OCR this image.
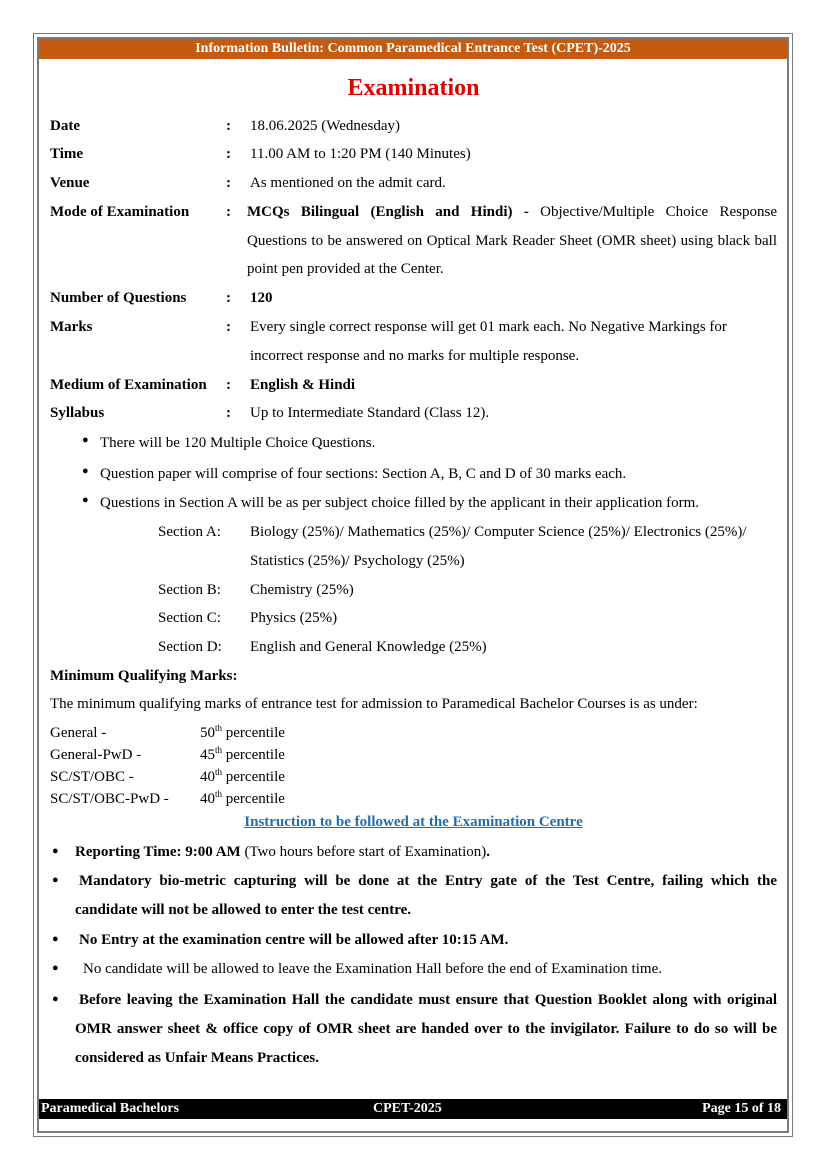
Information Bulletin: Common Paramedical Entrance Test (CPET)-2025
Examination
Date	: 18.06.2025 (Wednesday)
Time	: 11.00 AM to 1:20 PM (140 Minutes)
Venue	: As mentioned on the admit card.
Mode of Examination : MCQs Bilingual (English and Hindi) - Objective/Multiple Choice Response Questions to be answered on Optical Mark Reader Sheet (OMR sheet) using black ball point pen provided at the Center.
Number of Questions	: 120
Marks	: Every single correct response will get 01 mark each. No Negative Markings for incorrect response and no marks for multiple response.
Medium of Examination : English & Hindi
Syllabus	: Up to Intermediate Standard (Class 12).
● There will be 120 Multiple Choice Questions.
● Question paper will comprise of four sections: Section A, B, C and D of 30 marks each.
● Questions in Section A will be as per subject choice filled by the applicant in their application form.
Section A: Biology (25%)/ Mathematics (25%)/ Computer Science (25%)/ Electronics (25%)/ Statistics (25%)/ Psychology (25%)
Section B: Chemistry (25%)
Section C: Physics (25%)
Section D: English and General Knowledge (25%)
Minimum Qualifying Marks:
The minimum qualifying marks of entrance test for admission to Paramedical Bachelor Courses is as under:
General -	50th percentile
General-PwD -	45th percentile
SC/ST/OBC -	40th percentile
SC/ST/OBC-PwD - 40th percentile
Instruction to be followed at the Examination Centre
● Reporting Time: 9:00 AM (Two hours before start of Examination).
● Mandatory bio-metric capturing will be done at the Entry gate of the Test Centre, failing which the candidate will not be allowed to enter the test centre.
● No Entry at the examination centre will be allowed after 10:15 AM.
●	No candidate will be allowed to leave the Examination Hall before the end of Examination time.
● Before leaving the Examination Hall the candidate must ensure that Question Booklet along with original OMR answer sheet & office copy of OMR sheet are handed over to the invigilator. Failure to do so will be considered as Unfair Means Practices.
Paramedical Bachelors	CPET-2025	Page 15 of 18
